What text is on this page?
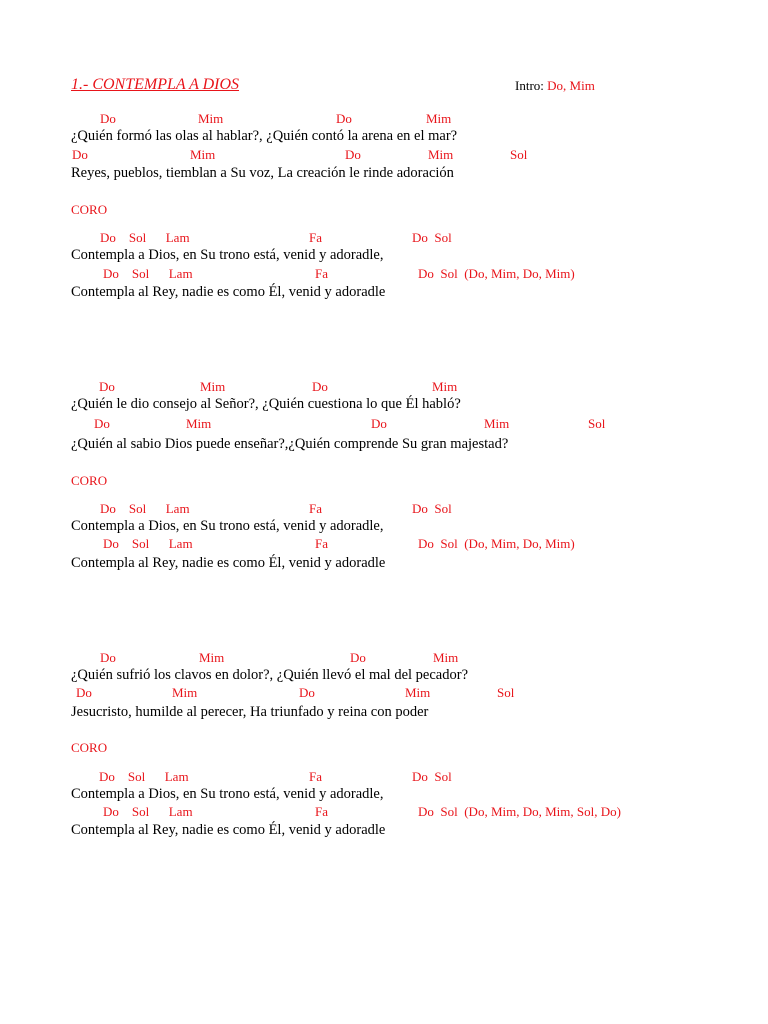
1.- CONTEMPLA A DIOS	Intro: Do, Mim
Do	Mim	Do	Mim
¿Quién formó las olas al hablar?, ¿Quién contó la arena en el mar?
Do	Mim	Do	Mim	Sol
Reyes, pueblos, tiemblan a Su voz, La creación le rinde adoración
CORO
Do    Sol      Lam	Fa	Do  Sol
Contempla a Dios, en Su trono está, venid y adoradle,
Do    Sol      Lam	Fa	Do  Sol  (Do, Mim, Do, Mim)
Contempla al Rey, nadie es como Él, venid y adoradle
Do	Mim	Do	Mim
¿Quién le dio consejo al Señor?, ¿Quién cuestiona lo que Él habló?
Do	Mim	Do	Mim	Sol
¿Quién al sabio Dios puede enseñar?,¿Quién comprende Su gran majestad?
CORO
Do    Sol      Lam	Fa	Do  Sol
Contempla a Dios, en Su trono está, venid y adoradle,
Do    Sol      Lam	Fa	Do  Sol  (Do, Mim, Do, Mim)
Contempla al Rey, nadie es como Él, venid y adoradle
Do	Mim	Do	Mim
¿Quién sufrió los clavos en dolor?, ¿Quién llevó el mal del pecador?
Do	Mim	Do	Mim	Sol
Jesucristo, humilde al perecer, Ha triunfado y reina con poder
CORO
Do    Sol      Lam	Fa	Do  Sol
Contempla a Dios, en Su trono está, venid y adoradle,
Do    Sol      Lam	Fa	Do  Sol  (Do, Mim, Do, Mim, Sol, Do)
Contempla al Rey, nadie es como Él, venid y adoradle
